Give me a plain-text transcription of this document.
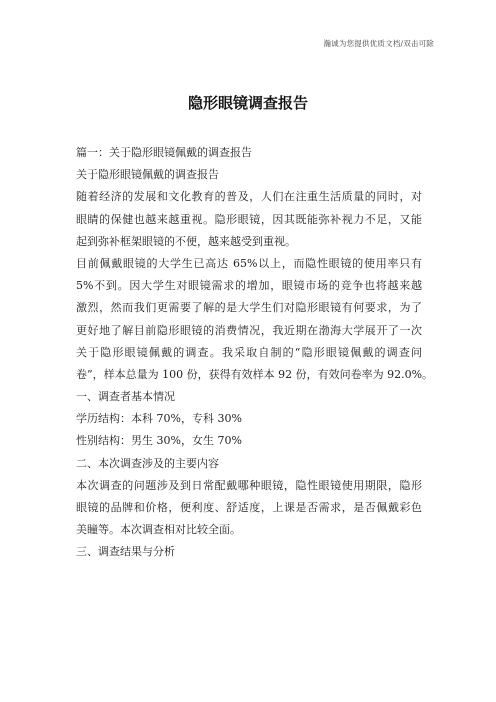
瀚诚为您提供优质文档/双击可除
隐形眼镜调查报告
篇一：关于隐形眼镜佩戴的调查报告
关于隐形眼镜佩戴的调查报告
随着经济的发展和文化教育的普及，人们在注重生活质量的同时，对
眼睛的保健也越来越重视。隐形眼镜，因其既能弥补视力不足，又能
起到弥补框架眼镜的不便，越来越受到重视。
目前佩戴眼镜的大学生已高达 65%以上，而隐性眼镜的使用率只有
5%不到。因大学生对眼镜需求的增加，眼镜市场的竞争也将越来越
激烈，然而我们更需要了解的是大学生们对隐形眼镜有何要求，为了
更好地了解目前隐形眼镜的消费情况，我近期在渤海大学展开了一次
关于隐形眼镜佩戴的调查。我采取自制的“隐形眼镜佩戴的调查问
卷”，样本总量为 100 份，获得有效样本 92 份，有效问卷率为 92.0%。
一、调查者基本情况
学历结构：本科 70%，专科 30%
性别结构：男生 30%，女生 70%
二、本次调查涉及的主要内容
本次调查的问题涉及到日常配戴哪种眼镜，隐性眼镜使用期限，隐形
眼镜的品牌和价格，便利度、舒适度，上课是否需求，是否佩戴彩色
美瞳等。本次调查相对比较全面。
三、调查结果与分析
